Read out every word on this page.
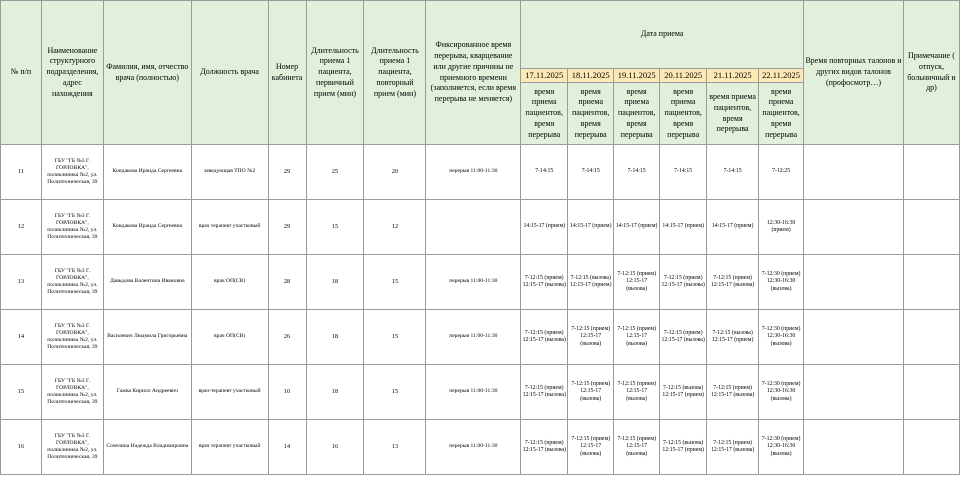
№ п/п	Наименование структурного подразделения, адрес нахождения	Фамилия, имя, отчество врача (полностью)	Должность врача	Номер кабинета	Длительность приема 1 пациента, первичный прием (мин)	Длительность приема 1 пациента, повторный прием (мин)	Фиксированное время перерыва, кварцевание или другие причины не приемного времени (заполняется, если время перерыва не меняется)	Дата приема						Время повторных талонов и других видов талонов (профосмотр…)	Примечание ( отпуск, больничный и др)
								17.11.2025	18.11.2025	19.11.2025	20.11.2025	21.11.2025	22.11.2025		
								время приема пациентов, время перерыва	время приема пациентов, время перерыва	время приема пациентов, время перерыва	время приема пациентов, время перерыва	время приема пациентов, время перерыва	время приема пациентов, время перерыва		
11	ГБУ "ГБ №3 Г. ГОРЛОВКА", поликлиника №2, ул. Политехническая, 39	Кондакова Ираида Сергеевна	заведующая ТПО №2	29	25	20	перерыв 11:00-11:30	7-14:15	7-14:15	7-14:15	7-14:15	7-14:15	7-12:25		
12	ГБУ "ГБ №3 Г. ГОРЛОВКА", поликлиника №2, ул. Политехническая, 39	Кондакова Ираида Сергеевна	врач терапевт участковый	29	15	12		14:15-17 (прием)	14:15-17 (прием)	14:15-17 (прием)	14:15-17 (прием)	14:15-17 (прием)	12:30-16:30 (прием)		
13	ГБУ "ГБ №3 Г. ГОРЛОВКА", поликлиника №2, ул. Политехническая, 39	Давыдова Валентина Ивановна	врач ОП(СВ)	28	18	15	перерыв 11:00-11:30	7-12:15 (прием) 12:15-17 (вызова)	7-12:15 (вызова) 12:15-17 (прием)	7-12:15 (прием) 12:15-17 (вызова)	7-12:15 (прием) 12:15-17 (вызова)	7-12:15 (прием) 12:15-17 (вызова)	7-12:30 (прием) 12:30-16:30 (вызова)		
14	ГБУ "ГБ №3 Г. ГОРЛОВКА", поликлиника №2, ул. Политехническая, 39	Василевич Людмила Григорьевна	врач ОП(СВ)	26	18	15	перерыв 11:00-11:30	7-12:15 (прием) 12:15-17 (вызова)	7-12:15 (прием) 12:15-17 (вызова)	7-12:15 (прием) 12:15-17 (вызова)	7-12:15 (прием) 12:15-17 (вызова)	7-12:15 (вызова) 12:15-17 (прием)	7-12:30 (прием) 12:30-16:30 (вызова)		
15	ГБУ "ГБ №3 Г. ГОРЛОВКА", поликлиника №2, ул. Политехническая, 39	Гажва Кирилл Андреевич	врач-терапевт участковый	10	18	15	перерыв 11:00-11:30	7-12:15 (прием) 12:15-17 (вызова)	7-12:15 (прием) 12:15-17 (вызова)	7-12:15 (прием) 12:15-17 (вызова)	7-12:15 (вызова) 12:15-17 (прием)	7-12:15 (прием) 12:15-17 (вызова)	7-12:30 (прием) 12:30-16:30 (вызова)		
16	ГБУ "ГБ №3 Г. ГОРЛОВКА", поликлиника №2, ул. Политехническая, 39	Сочелина Надежда Владимировна	врач терапевт участковый	14	16	13	перерыв 11:00-11:30	7-12:15 (прием) 12:15-17 (вызова)	7-12:15 (прием) 12:15-17 (вызова)	7-12:15 (прием) 12:15-17 (вызова)	7-12:15 (вызова) 12:15-17 (прием)	7-12:15 (прием) 12:15-17 (вызова)	7-12:30 (прием) 12:30-16:30 (вызова)		
